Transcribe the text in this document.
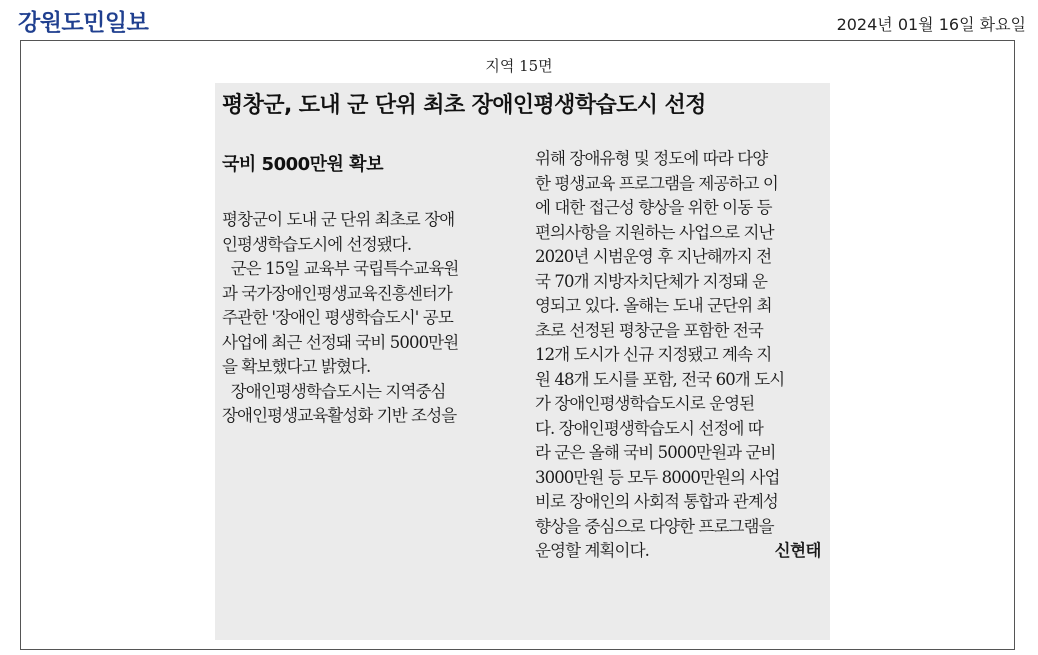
강원도민일보	2024년 01월 16일 화요일
지역 15면
평창군, 도내 군 단위 최초 장애인평생학습도시 선정
국비 5000만원 확보
평창군이 도내 군 단위 최초로 장애
인평생학습도시에 선정됐다.
군은 15일 교육부 국립특수교육원
과 국가장애인평생교육진흥센터가
주관한 '장애인 평생학습도시' 공모
사업에 최근 선정돼 국비 5000만원
을 확보했다고 밝혔다.
장애인평생학습도시는 지역중심
장애인평생교육활성화 기반 조성을
위해 장애유형 및 정도에 따라 다양
한 평생교육 프로그램을 제공하고 이
에 대한 접근성 향상을 위한 이동 등
편의사항을 지원하는 사업으로 지난
2020년 시범운영 후 지난해까지 전
국 70개 지방자치단체가 지정돼 운
영되고 있다. 올해는 도내 군단위 최
초로 선정된 평창군을 포함한 전국
12개 도시가 신규 지정됐고 계속 지
원 48개 도시를 포함, 전국 60개 도시
가 장애인평생학습도시로 운영된
다. 장애인평생학습도시 선정에 따
라 군은 올해 국비 5000만원과 군비
3000만원 등 모두 8000만원의 사업
비로 장애인의 사회적 통합과 관계성
향상을 중심으로 다양한 프로그램을
운영할 계획이다.	신현태
